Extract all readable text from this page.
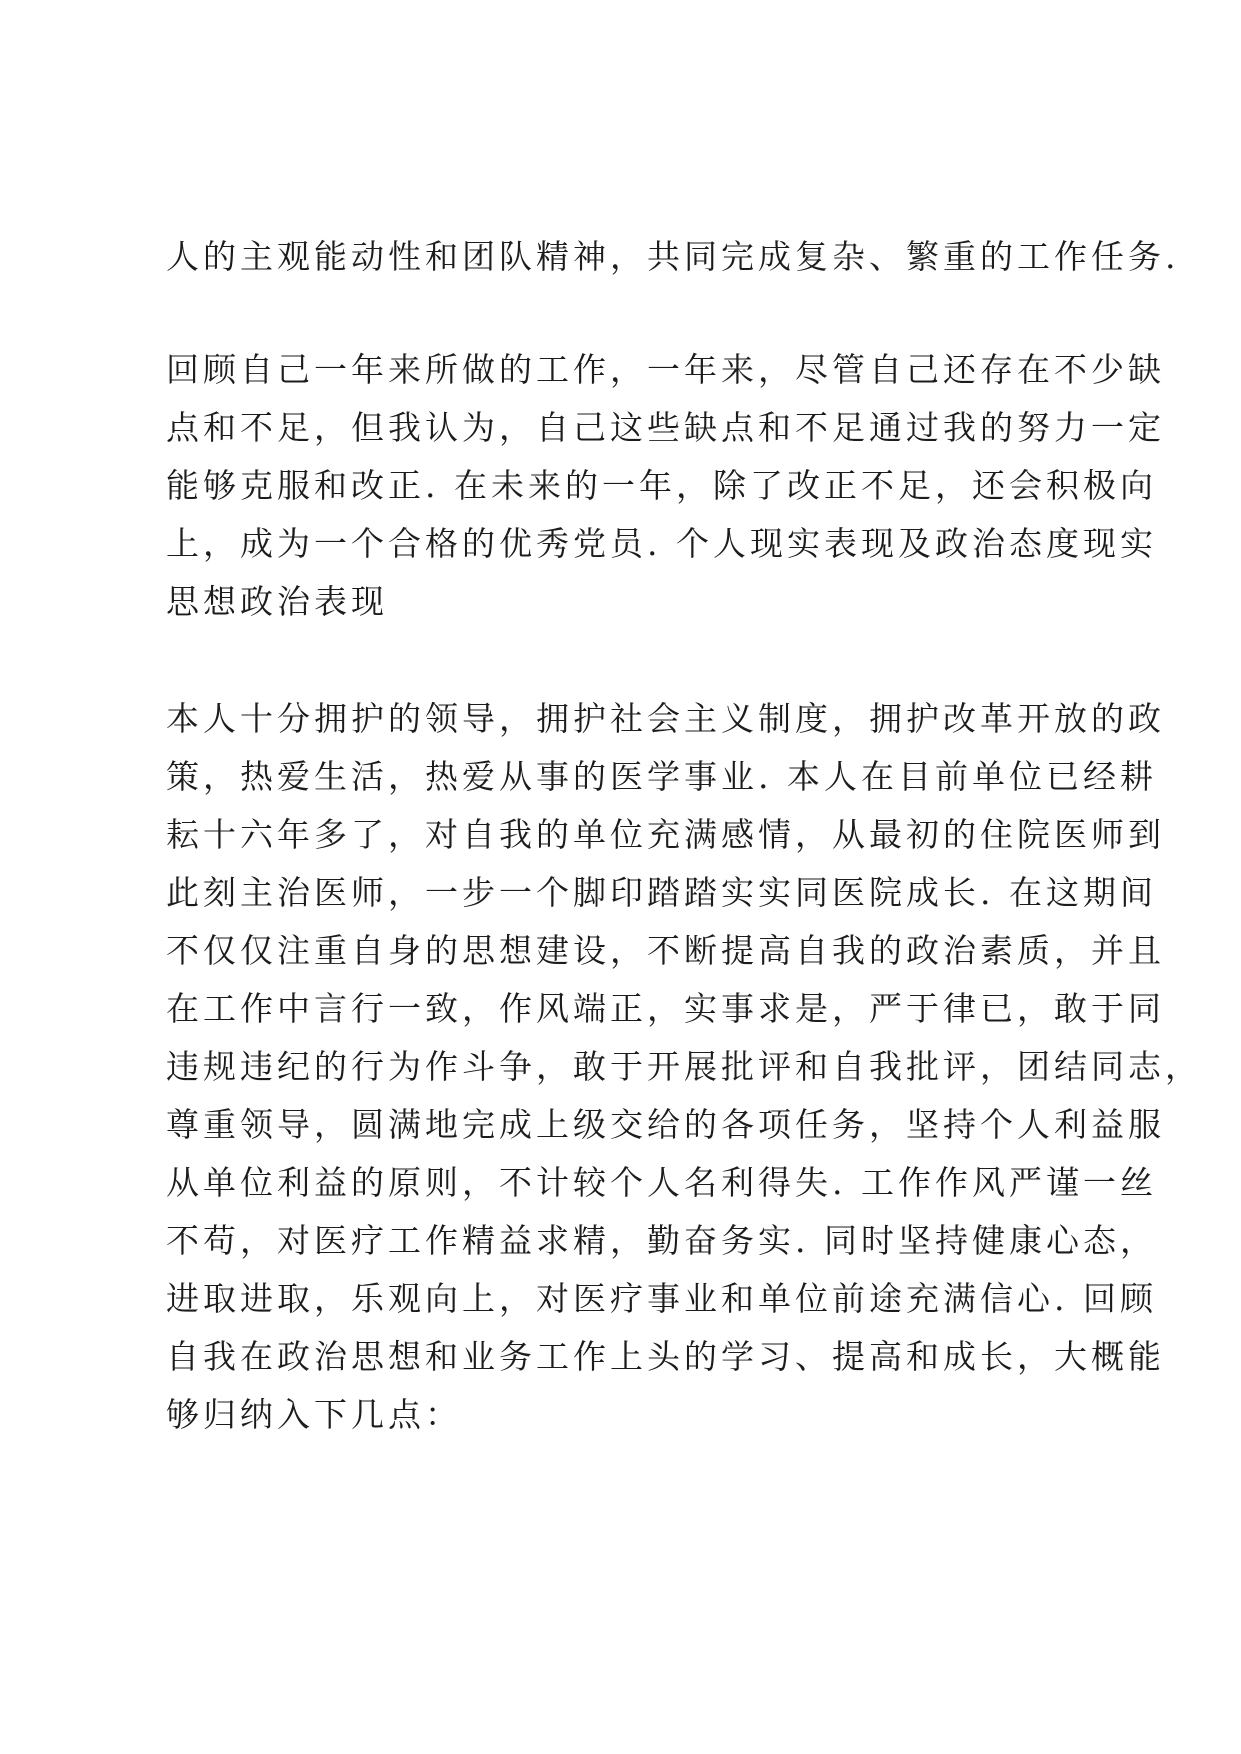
人的主观能动性和团队精神，共同完成复杂、繁重的工作任务.
回顾自己一年来所做的工作，一年来，尽管自己还存在不少缺
点和不足，但我认为，自己这些缺点和不足通过我的努力一定
能够克服和改正. 在未来的一年，除了改正不足，还会积极向
上，成为一个合格的优秀党员. 个人现实表现及政治态度现实
思想政治表现
本人十分拥护的领导，拥护社会主义制度，拥护改革开放的政
策，热爱生活，热爱从事的医学事业. 本人在目前单位已经耕
耘十六年多了，对自我的单位充满感情，从最初的住院医师到
此刻主治医师，一步一个脚印踏踏实实同医院成长. 在这期间
不仅仅注重自身的思想建设，不断提高自我的政治素质，并且
在工作中言行一致，作风端正，实事求是，严于律已，敢于同
违规违纪的行为作斗争，敢于开展批评和自我批评，团结同志，
尊重领导，圆满地完成上级交给的各项任务，坚持个人利益服
从单位利益的原则，不计较个人名利得失. 工作作风严谨一丝
不苟，对医疗工作精益求精，勤奋务实. 同时坚持健康心态，
进取进取，乐观向上，对医疗事业和单位前途充满信心. 回顾
自我在政治思想和业务工作上头的学习、提高和成长，大概能
够归纳入下几点：
